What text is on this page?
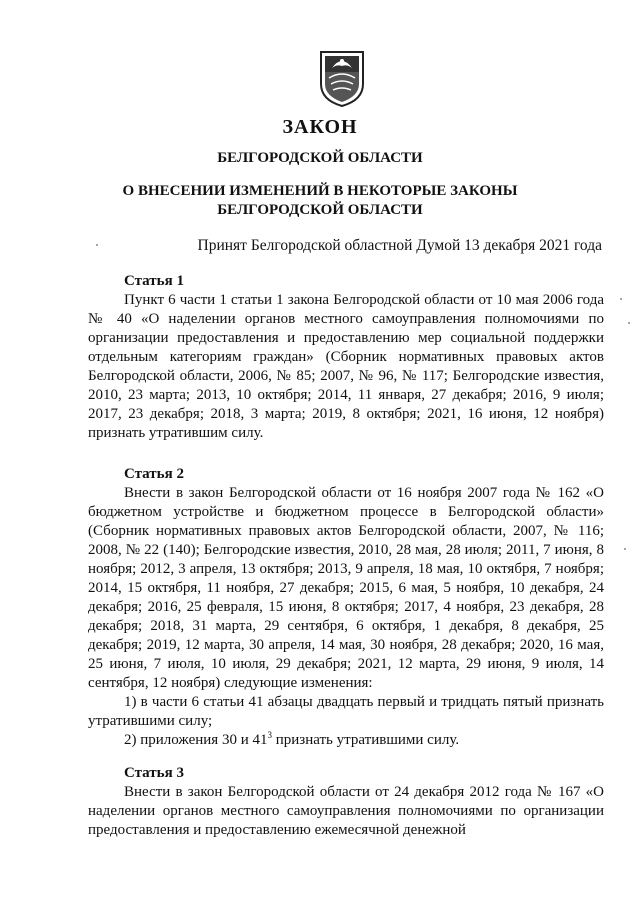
ЗАКОН
БЕЛГОРОДСКОЙ ОБЛАСТИ
О ВНЕСЕНИИ ИЗМЕНЕНИЙ В НЕКОТОРЫЕ ЗАКОНЫ
БЕЛГОРОДСКОЙ ОБЛАСТИ
Принят Белгородской областной Думой 13 декабря 2021 года
Статья 1

Пункт 6 части 1 статьи 1 закона Белгородской области от 10 мая 2006 года № 40 «О наделении органов местного самоуправления полномочиями по организации предоставления и предоставлению мер социальной поддержки отдельным категориям граждан» (Сборник нормативных правовых актов Белгородской области, 2006, № 85; 2007, № 96, № 117; Белгородские известия, 2010, 23 марта; 2013, 10 октября; 2014, 11 января, 27 декабря; 2016, 9 июля; 2017, 23 декабря; 2018, 3 марта; 2019, 8 октября; 2021, 16 июня, 12 ноября) признать утратившим силу.

Статья 2

Внести в закон Белгородской области от 16 ноября 2007 года № 162 «О бюджетном устройстве и бюджетном процессе в Белгородской области» (Сборник нормативных правовых актов Белгородской области, 2007, № 116; 2008, № 22 (140); Белгородские известия, 2010, 28 мая, 28 июля; 2011, 7 июня, 8 ноября; 2012, 3 апреля, 13 октября; 2013, 9 апреля, 18 мая, 10 октября, 7 ноября; 2014, 15 октября, 11 ноября, 27 декабря; 2015, 6 мая, 5 ноября, 10 декабря, 24 декабря; 2016, 25 февраля, 15 июня, 8 октября; 2017, 4 ноября, 23 декабря, 28 декабря; 2018, 31 марта, 29 сентября, 6 октября, 1 декабря, 8 декабря, 25 декабря; 2019, 12 марта, 30 апреля, 14 мая, 30 ноября, 28 декабря; 2020, 16 мая, 25 июня, 7 июля, 10 июля, 29 декабря; 2021, 12 марта, 29 июня, 9 июля, 14 сентября, 12 ноября) следующие изменения:

1) в части 6 статьи 41 абзацы двадцать первый и тридцать пятый признать утратившими силу;

2) приложения 30 и $41^3$ признать утратившими силу.

Статья 3

Внести в закон Белгородской области от 24 декабря 2012 года № 167 «О наделении органов местного самоуправления полномочиями по организации предоставления и предоставлению ежемесячной денежной
